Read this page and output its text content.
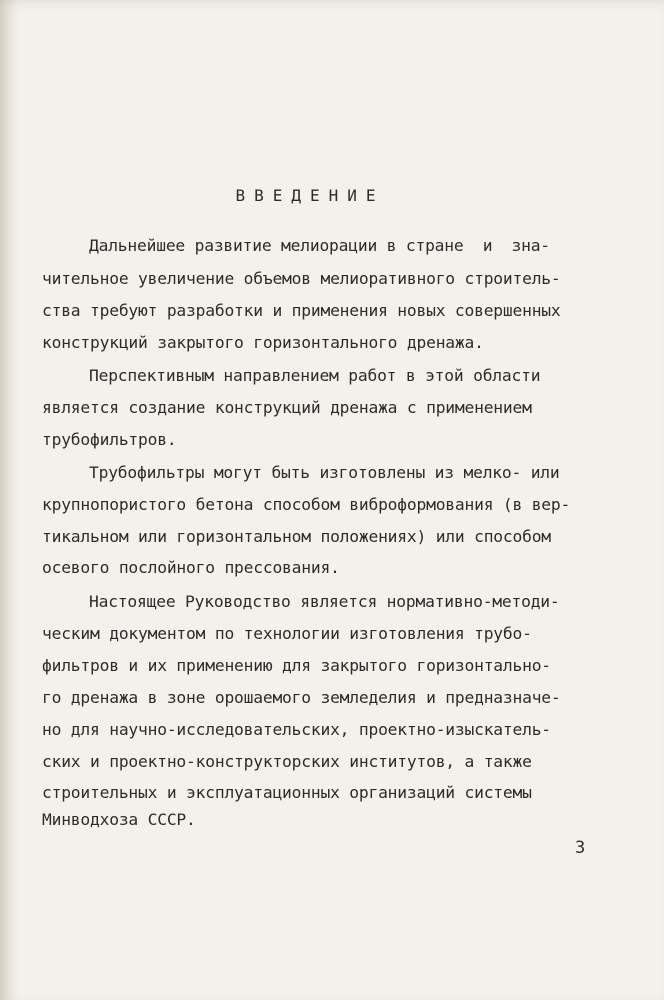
ВВЕДЕНИЕ
Дальнейшее развитие мелиорации в стране  и  зна-
чительное увеличение объемов мелиоративного строитель-
ства требуют разработки и применения новых совершенных
конструкций закрытого горизонтального дренажа.
Перспективным направлением работ в этой области
является создание конструкций дренажа с применением
трубофильтров.
Трубофильтры могут быть изготовлены из мелко- или
крупнопористого бетона способом виброформования (в вер-
тикальном или горизонтальном положениях) или способом
осевого послойного прессования.
Настоящее Руководство является нормативно-методи-
ческим документом по технологии изготовления трубо-
фильтров и их применению для закрытого горизонтально-
го дренажа в зоне орошаемого земледелия и предназначе-
но для научно-исследовательских, проектно-изыскатель-
ских и проектно-конструкторских институтов, а также
строительных и эксплуатационных организаций системы
Минводхоза СССР.
3
